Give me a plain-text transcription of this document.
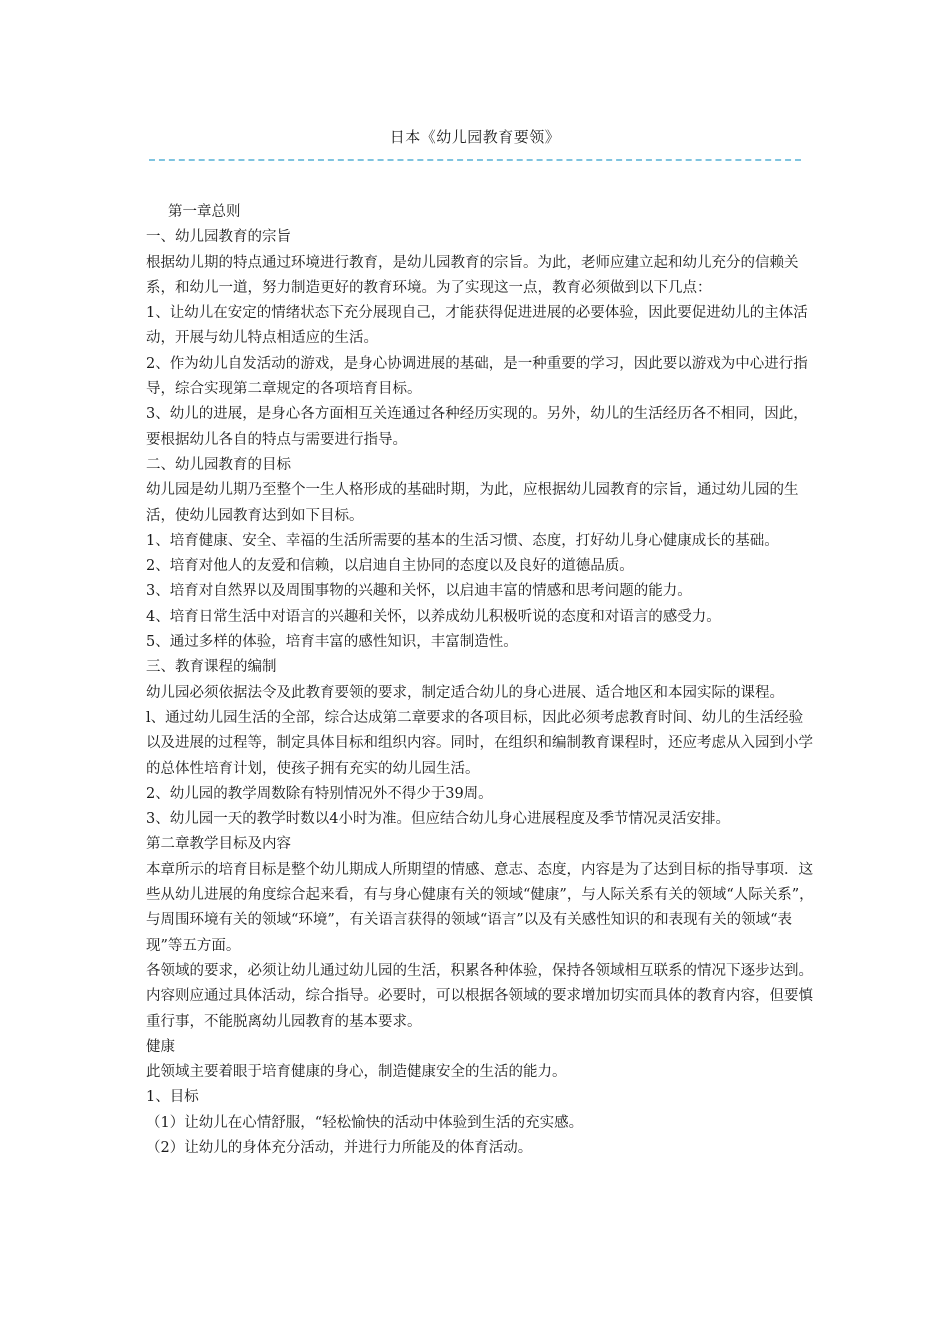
日本《幼儿园教育要领》

第一章总则

一、幼儿园教育的宗旨

根据幼儿期的特点通过环境进行教育，是幼儿园教育的宗旨。为此，老师应建立起和幼儿充分的信赖关系，和幼儿一道，努力制造更好的教育环境。为了实现这一点，教育必须做到以下几点：

1、让幼儿在安定的情绪状态下充分展现自己，才能获得促进进展的必要体验，因此要促进幼儿的主体活动，开展与幼儿特点相适应的生活。

2、作为幼儿自发活动的游戏，是身心协调进展的基础，是一种重要的学习，因此要以游戏为中心进行指导，综合实现第二章规定的各项培育目标。

3、幼儿的进展，是身心各方面相互关连通过各种经历实现的。另外，幼儿的生活经历各不相同，因此，要根据幼儿各自的特点与需要进行指导。

二、幼儿园教育的目标

幼儿园是幼儿期乃至整个一生人格形成的基础时期，为此，应根据幼儿园教育的宗旨，通过幼儿园的生活，使幼儿园教育达到如下目标。

1、培育健康、安全、幸福的生活所需要的基本的生活习惯、态度，打好幼儿身心健康成长的基础。

2、培育对他人的友爱和信赖，以启迪自主协同的态度以及良好的道德品质。

3、培育对自然界以及周围事物的兴趣和关怀，以启迪丰富的情感和思考问题的能力。

4、培育日常生活中对语言的兴趣和关怀，以养成幼儿积极听说的态度和对语言的感受力。

5、通过多样的体验，培育丰富的感性知识，丰富制造性。

三、教育课程的编制

幼儿园必须依据法令及此教育要领的要求，制定适合幼儿的身心进展、适合地区和本园实际的课程。

l、通过幼儿园生活的全部，综合达成第二章要求的各项目标，因此必须考虑教育时间、幼儿的生活经验以及进展的过程等，制定具体目标和组织内容。同时，在组织和编制教育课程时，还应考虑从入园到小学的总体性培育计划，使孩子拥有充实的幼儿园生活。

2、幼儿园的教学周数除有特别情况外不得少于39周。

3、幼儿园一天的教学时数以4小时为准。但应结合幼儿身心进展程度及季节情况灵活安排。

第二章教学目标及内容

本章所示的培育目标是整个幼儿期成人所期望的情感、意志、态度，内容是为了达到目标的指导事项．这些从幼儿进展的角度综合起来看，有与身心健康有关的领域“健康”，与人际关系有关的领域“人际关系”，与周围环境有关的领域“环境”，有关语言获得的领域“语言”以及有关感性知识的和表现有关的领域“表现”等五方面。

各领域的要求，必须让幼儿通过幼儿园的生活，积累各种体验，保持各领域相互联系的情况下逐步达到。内容则应通过具体活动，综合指导。必要时，可以根据各领域的要求增加切实而具体的教育内容，但要慎重行事，不能脱离幼儿园教育的基本要求。

健康

此领域主要着眼于培育健康的身心，制造健康安全的生活的能力。

1、目标

（1）让幼儿在心情舒服，“轻松愉快的活动中体验到生活的充实感。

（2）让幼儿的身体充分活动，并进行力所能及的体育活动。
